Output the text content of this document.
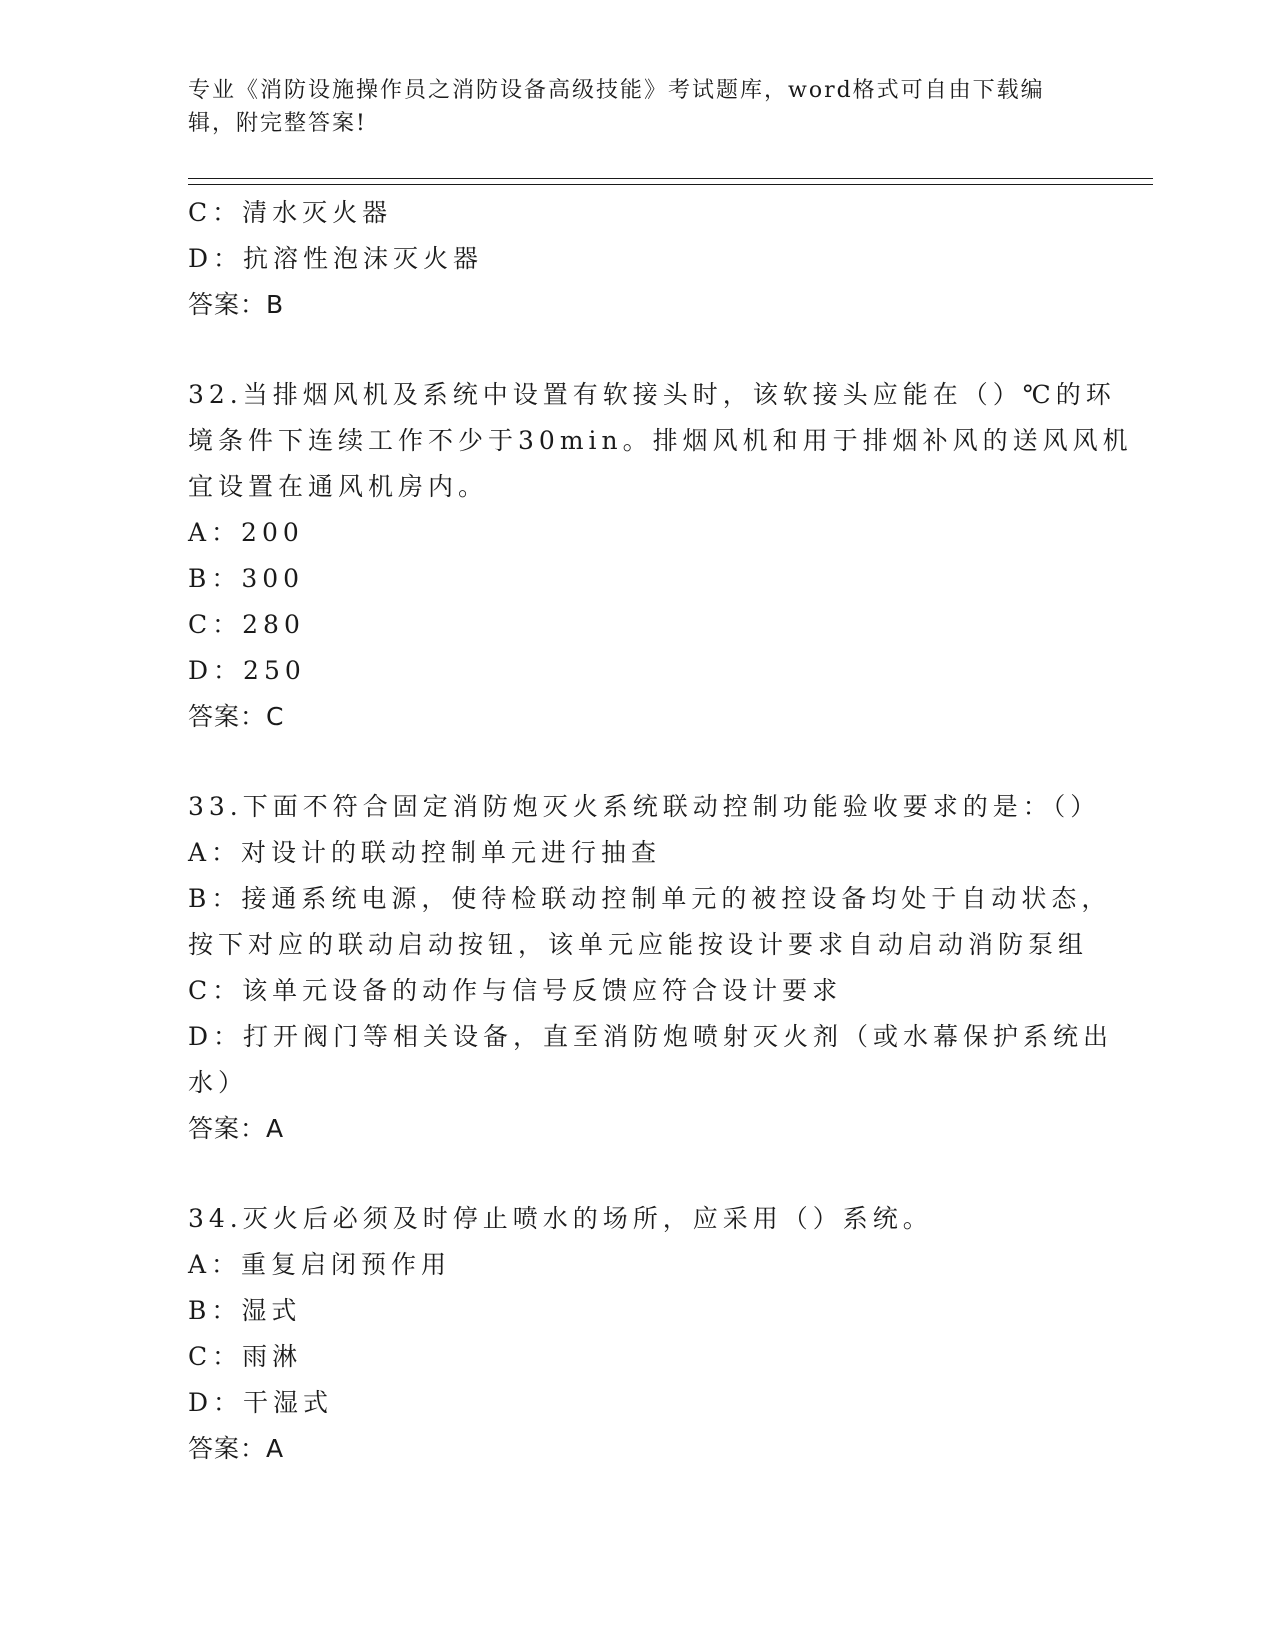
专业《消防设施操作员之消防设备高级技能》考试题库，word格式可自由下载编
辑，附完整答案!
C：清水灭火器
D：抗溶性泡沫灭火器
答案：B
32.当排烟风机及系统中设置有软接头时，该软接头应能在（）℃的环
境条件下连续工作不少于30min。排烟风机和用于排烟补风的送风风机
宜设置在通风机房内。
A：200
B：300
C：280
D：250
答案：C
33.下面不符合固定消防炮灭火系统联动控制功能验收要求的是：（）
A：对设计的联动控制单元进行抽查
B：接通系统电源，使待检联动控制单元的被控设备均处于自动状态，
按下对应的联动启动按钮，该单元应能按设计要求自动启动消防泵组
C：该单元设备的动作与信号反馈应符合设计要求
D：打开阀门等相关设备，直至消防炮喷射灭火剂（或水幕保护系统出
水）
答案：A
34.灭火后必须及时停止喷水的场所，应采用（）系统。
A：重复启闭预作用
B：湿式
C：雨淋
D：干湿式
答案：A
